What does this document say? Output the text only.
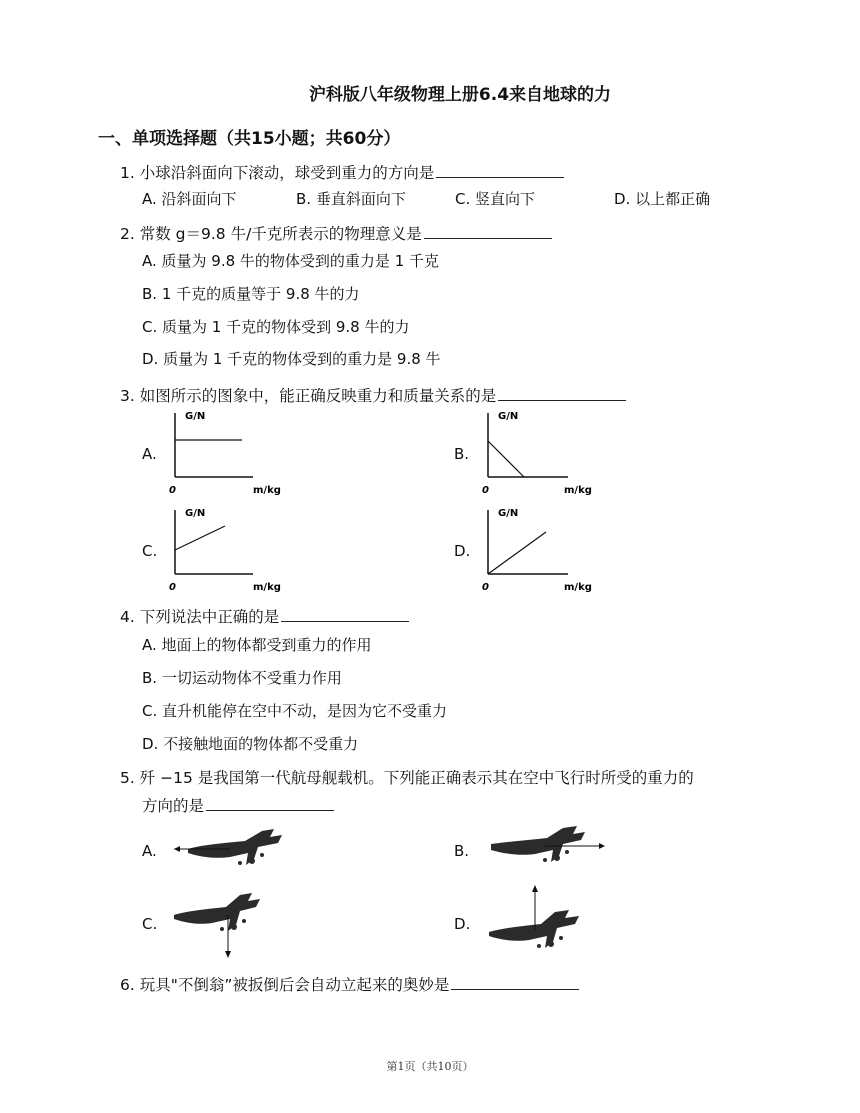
沪科版八年级物理上册6.4来自地球的力
一、单项选择题（共15小题；共60分）
1. 小球沿斜面向下滚动，球受到重力的方向是
A. 沿斜面向下	B. 垂直斜面向下	C. 竖直向下	D. 以上都正确
2. 常数 g＝9.8 牛/千克所表示的物理意义是
A. 质量为 9.8 牛的物体受到的重力是 1 千克
B. 1 千克的质量等于 9.8 牛的力
C. 质量为 1 千克的物体受到 9.8 牛的力
D. 质量为 1 千克的物体受到的重力是 9.8 牛
3. 如图所示的图象中，能正确反映重力和质量关系的是
A.
G/N
0	m/kg
B.
G/N
0	m/kg
C.
G/N
0	m/kg
D.
G/N
0	m/kg
4. 下列说法中正确的是
A. 地面上的物体都受到重力的作用
B. 一切运动物体不受重力作用
C. 直升机能停在空中不动，是因为它不受重力
D. 不接触地面的物体都不受重力
5. 歼 −15 是我国第一代航母舰载机。下列能正确表示其在空中飞行时所受的重力的
方向的是
A.	B.
C.	D.
6. 玩具"不倒翁”被扳倒后会自动立起来的奥妙是
第1页（共10页）
